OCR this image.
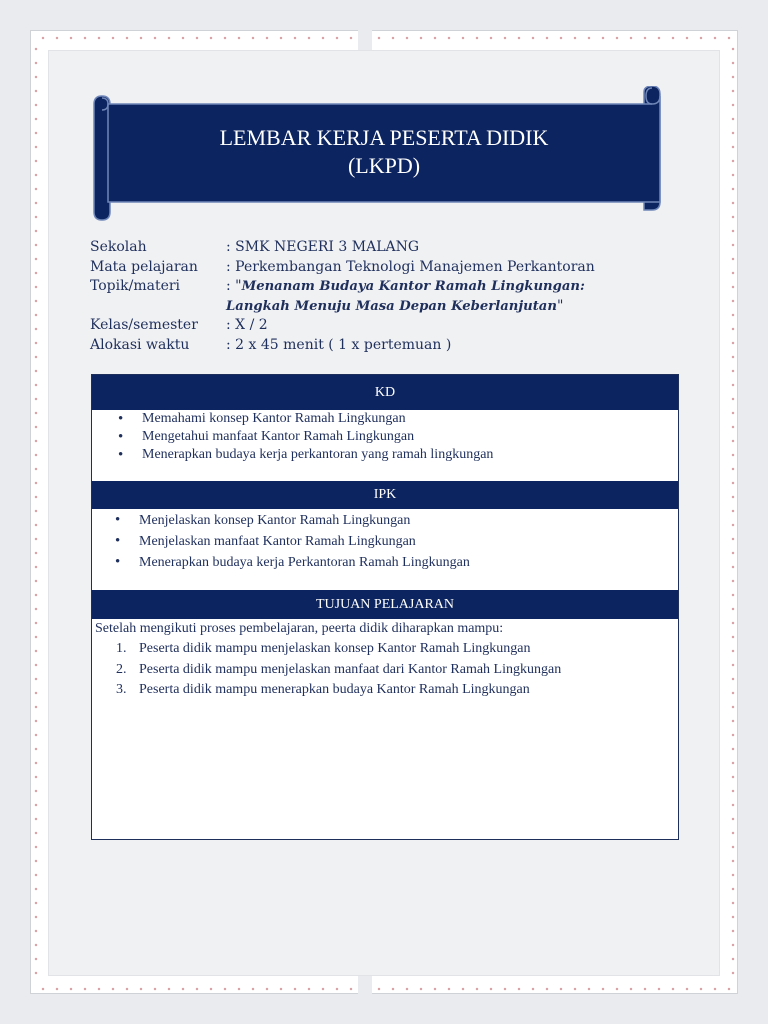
LEMBAR KERJA PESERTA DIDIK
(LKPD)
Sekolah	: SMK NEGERI 3 MALANG
Mata pelajaran	: Perkembangan Teknologi Manajemen Perkantoran
Topik/materi	: "Menanam Budaya Kantor Ramah Lingkungan: Langkah Menuju Masa Depan Keberlanjutan"
Kelas/semester	: X / 2
Alokasi waktu	: 2 x 45 menit ( 1 x pertemuan )
KD
• Memahami konsep Kantor Ramah Lingkungan
• Mengetahui manfaat Kantor Ramah Lingkungan
• Menerapkan budaya kerja perkantoran yang ramah lingkungan
IPK
• Menjelaskan konsep Kantor Ramah Lingkungan
• Menjelaskan manfaat Kantor Ramah Lingkungan
• Menerapkan budaya kerja Perkantoran Ramah Lingkungan
TUJUAN PELAJARAN
Setelah mengikuti proses pembelajaran, peerta didik diharapkan mampu:
1. Peserta didik mampu menjelaskan konsep Kantor Ramah Lingkungan
2. Peserta didik mampu menjelaskan manfaat dari Kantor Ramah Lingkungan
3. Peserta didik mampu menerapkan budaya Kantor Ramah Lingkungan
